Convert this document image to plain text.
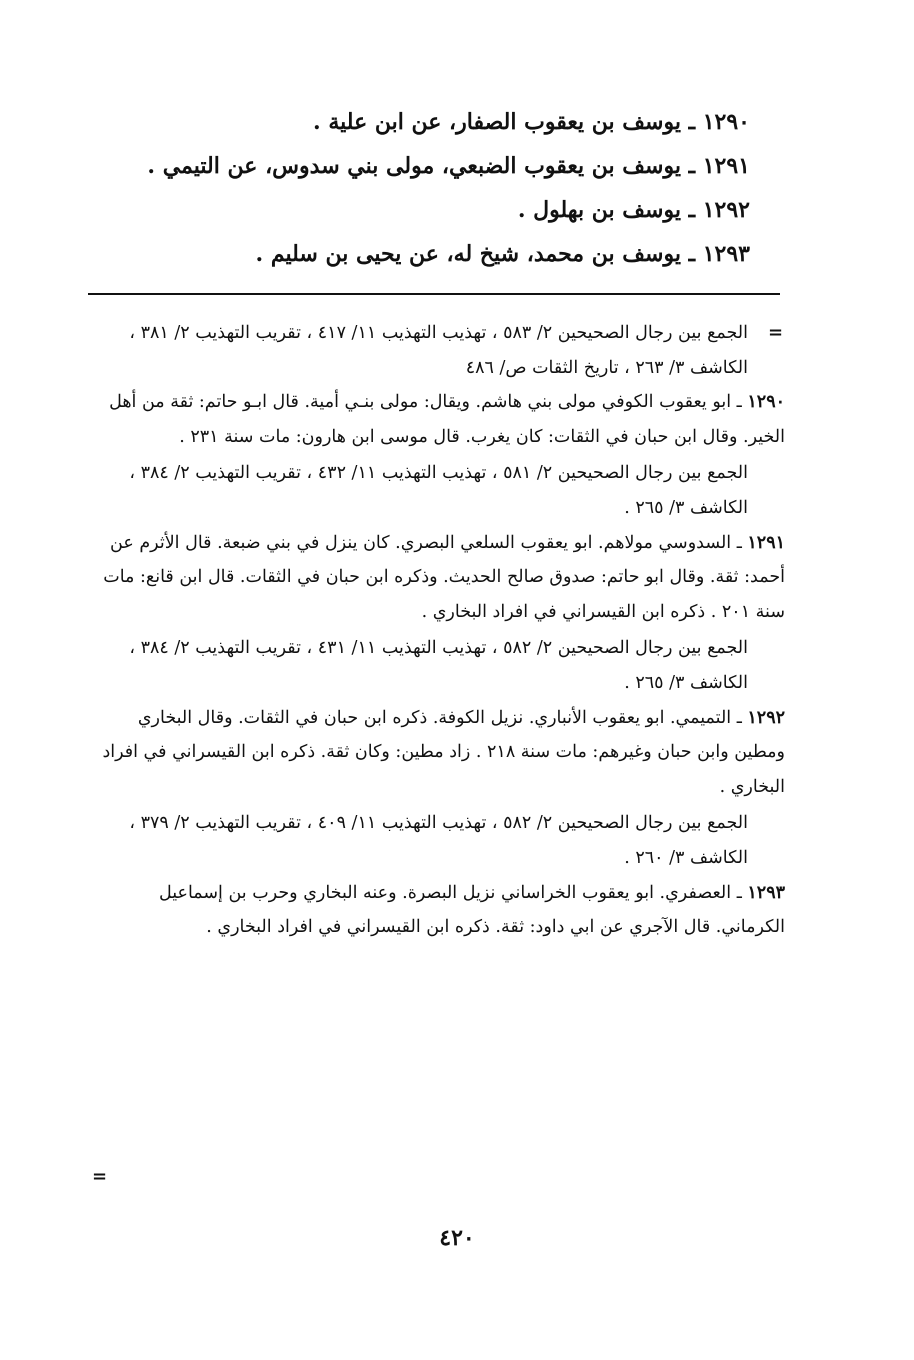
١٢٩٠ ـ يوسف بن يعقوب الصفار، عن ابن علية .
١٢٩١ ـ يوسف بن يعقوب الضبعي، مولى بني سدوس، عن التيمي .
١٢٩٢ ـ يوسف بن بهلول .
١٢٩٣ ـ يوسف بن محمد، شيخ له، عن يحيى بن سليم .
=

الجمع بين رجال الصحيحين ٢/ ٥٨٣ ، تهذيب التهذيب ١١/ ٤١٧ ، تقريب التهذيب ٢/ ٣٨١ ، الكاشف ٣/ ٢٦٣ ، تاريخ الثقات ص/ ٤٨٦

١٢٩٠ ـ ابو يعقوب الكوفي مولى بني هاشم. ويقال: مولى بنـي أمية. قال ابـو حاتم: ثقة من أهل الخير. وقال ابن حبان في الثقات: كان يغرب. قال موسى ابن هارون: مات سنة ٢٣١ .
الجمع بين رجال الصحيحين ٢/ ٥٨١ ، تهذيب التهذيب ١١/ ٤٣٢ ، تقريب التهذيب ٢/ ٣٨٤ ، الكاشف ٣/ ٢٦٥ .
١٢٩١ ـ السدوسي مولاهم. ابو يعقوب السلعي البصري. كان ينزل في بني ضبعة. قال الأثرم عن أحمد: ثقة. وقال ابو حاتم: صدوق صالح الحديث. وذكره ابن حبان في الثقات. قال ابن قانع: مات سنة ٢٠١ . ذكره ابن القيسراني في افراد البخاري .
الجمع بين رجال الصحيحين ٢/ ٥٨٢ ، تهذيب التهذيب ١١/ ٤٣١ ، تقريب التهذيب ٢/ ٣٨٤ ، الكاشف ٣/ ٢٦٥ .
١٢٩٢ ـ التميمي. ابو يعقوب الأنباري. نزيل الكوفة. ذكره ابن حبان في الثقات. وقال البخاري ومطين وابن حبان وغيرهم: مات سنة ٢١٨ . زاد مطين: وكان ثقة. ذكره ابن القيسراني في افراد البخاري .
الجمع بين رجال الصحيحين ٢/ ٥٨٢ ، تهذيب التهذيب ١١/ ٤٠٩ ، تقريب التهذيب ٢/ ٣٧٩ ، الكاشف ٣/ ٢٦٠ .
١٢٩٣ ـ العصفري. ابو يعقوب الخراساني نزيل البصرة. وعنه البخاري وحرب بن إسماعيل الكرماني. قال الآجري عن ابي داود: ثقة. ذكره ابن القيسراني في افراد البخاري .
=
٤٢٠
